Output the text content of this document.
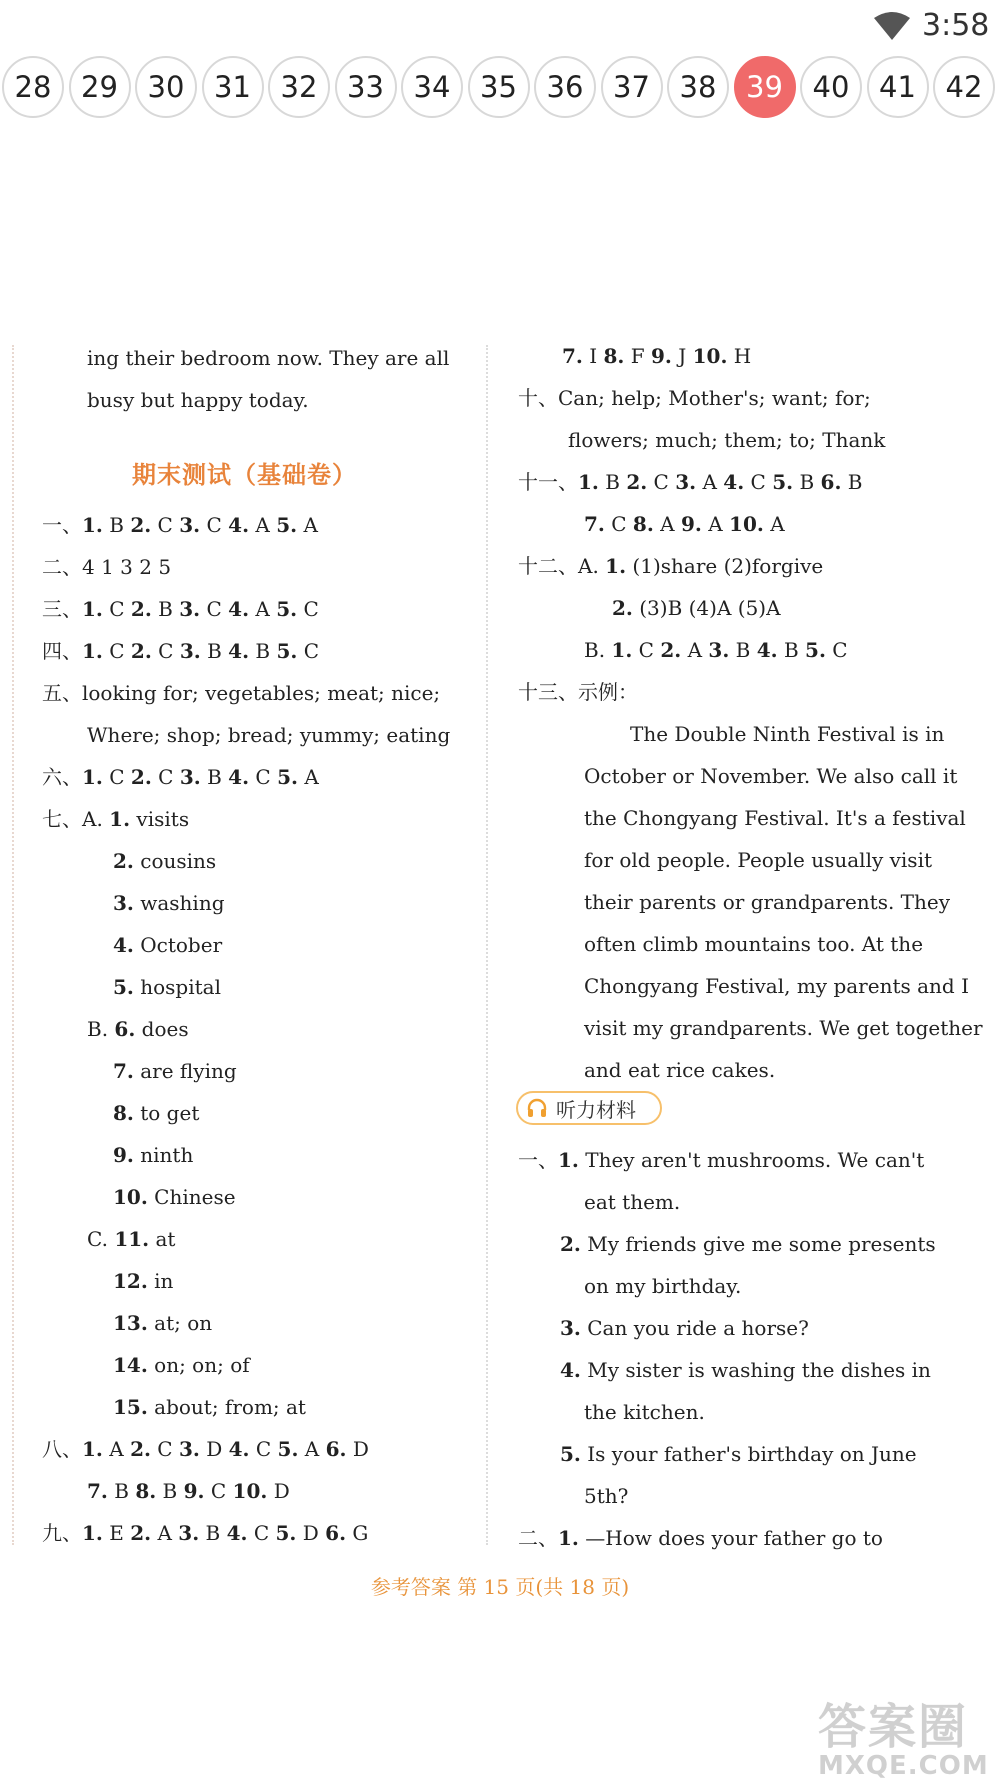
3:58
28	29	30	31	32	33	34	35	36	37	38	39	40	41	42
ing their bedroom now. They are all
busy but happy today.
期末测试（基础卷）
一、1. B 2. C 3. C 4. A 5. A
二、4 1 3 2 5
三、1. C 2. B 3. C 4. A 5. C
四、1. C 2. C 3. B 4. B 5. C
五、looking for; vegetables; meat; nice;
Where; shop; bread; yummy; eating
六、1. C 2. C 3. B 4. C 5. A
七、A. 1. visits
2. cousins
3. washing
4. October
5. hospital
B. 6. does
7. are flying
8. to get
9. ninth
10. Chinese
C. 11. at
12. in
13. at; on
14. on; on; of
15. about; from; at
八、1. A 2. C 3. D 4. C 5. A 6. D
7. B 8. B 9. C 10. D
九、1. E 2. A 3. B 4. C 5. D 6. G
7. I 8. F 9. J 10. H
十、Can; help; Mother's; want; for;
flowers; much; them; to; Thank
十一、1. B 2. C 3. A 4. C 5. B 6. B
7. C 8. A 9. A 10. A
十二、A. 1. (1)share (2)forgive
2. (3)B (4)A (5)A
B. 1. C 2. A 3. B 4. B 5. C
十三、示例：
The Double Ninth Festival is in
October or November. We also call it
the Chongyang Festival. It's a festival
for old people. People usually visit
their parents or grandparents. They
often climb mountains too. At the
Chongyang Festival, my parents and I
visit my grandparents. We get together
and eat rice cakes.
听力材料
一、1. They aren't mushrooms. We can't
eat them.
2. My friends give me some presents
on my birthday.
3. Can you ride a horse?
4. My sister is washing the dishes in
the kitchen.
5. Is your father's birthday on June
5th?
二、1. —How does your father go to
参考答案 第 15 页(共 18 页)
答案圈
MXQE.COM
